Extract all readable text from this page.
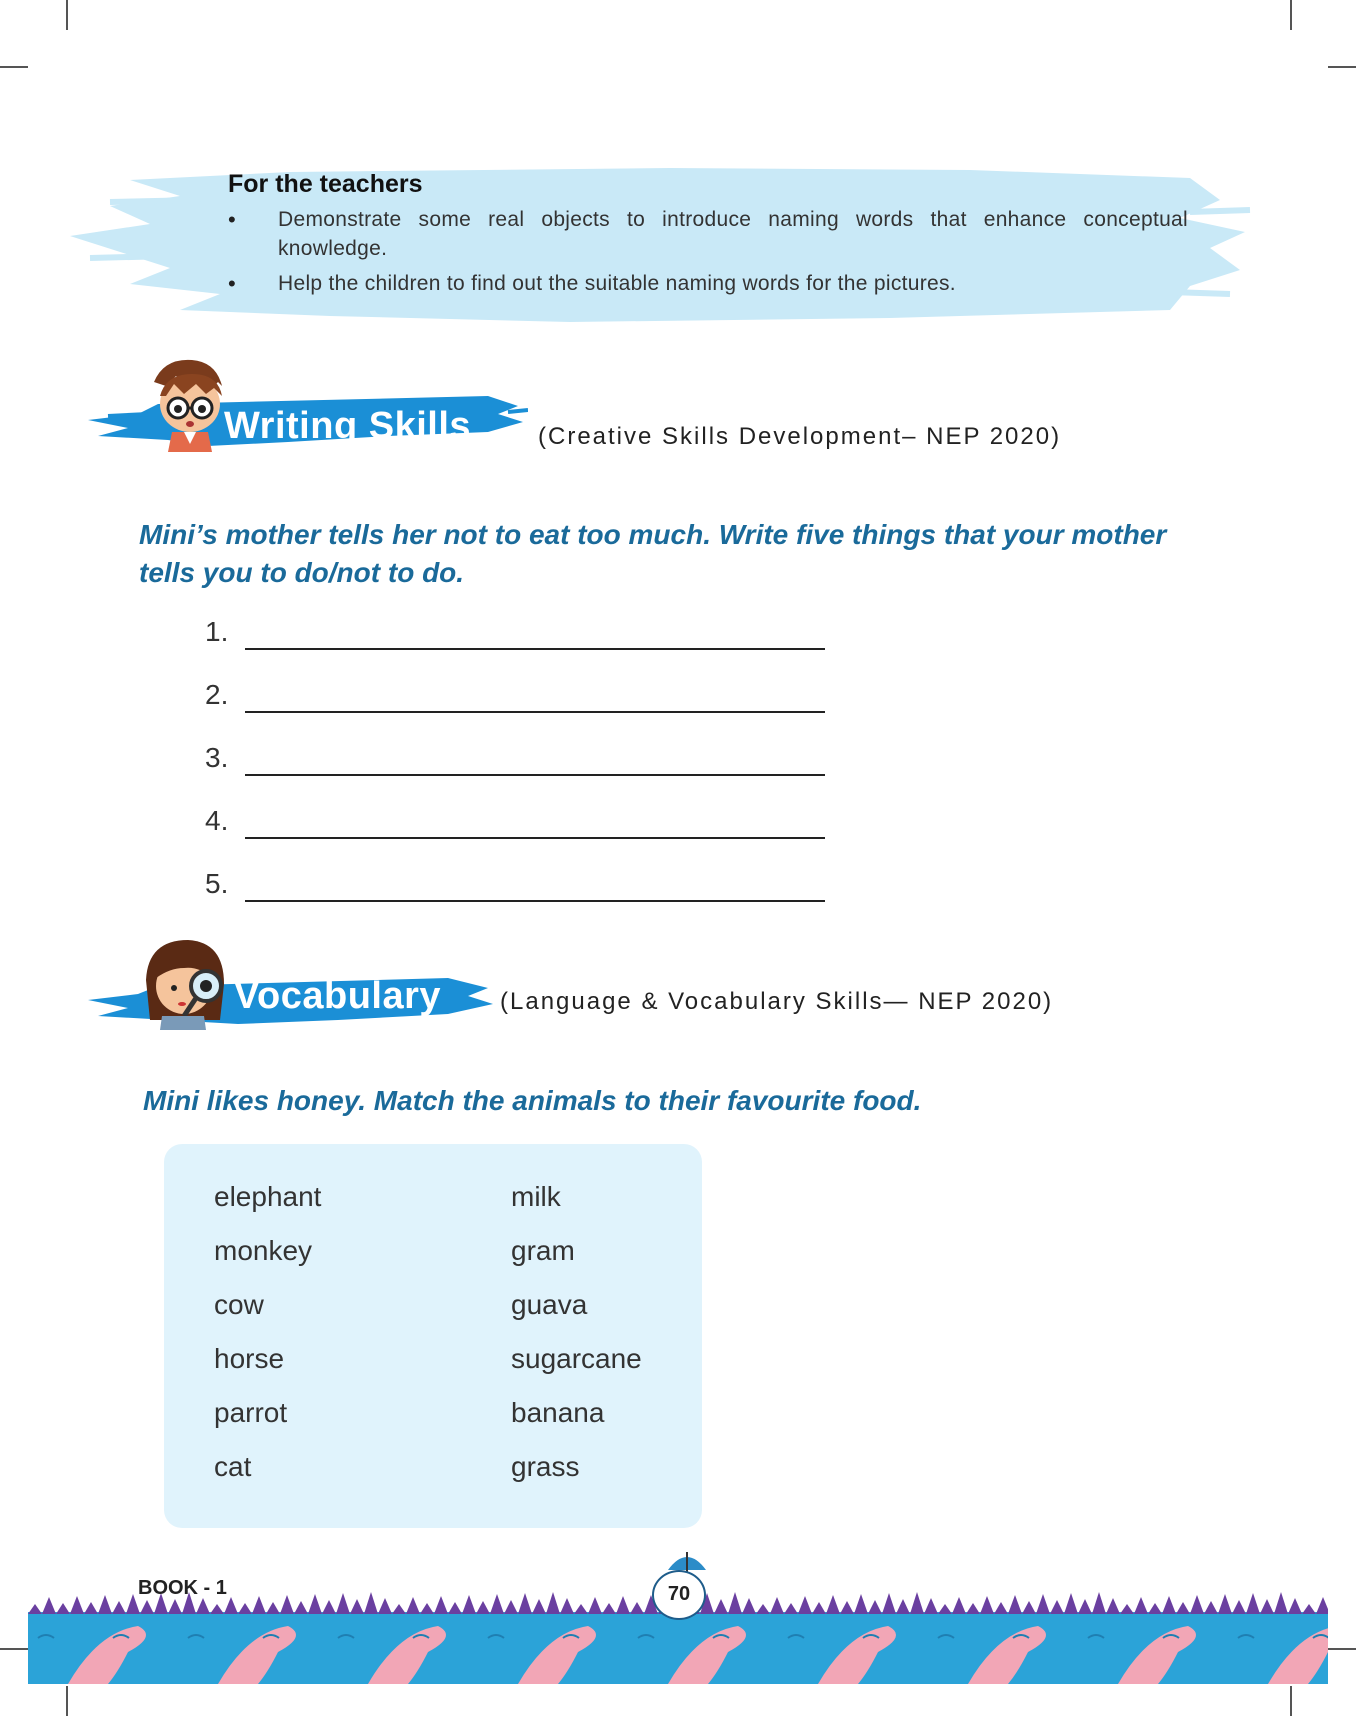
For the teachers
• Demonstrate some real objects to introduce naming words that enhance conceptual knowledge.
• Help the children to find out the suitable naming words for the pictures.
Writing Skills	(Creative Skills Development– NEP 2020)
Mini’s mother tells her not to eat too much. Write five things that your mother tells you to do/not to do.
1.
2.
3.
4.
5.
Vocabulary (Language & Vocabulary Skills— NEP 2020)
Mini likes honey. Match the animals to their favourite food.
elephant
monkey
cow
horse
parrot
cat
milk
gram
guava
sugarcane
banana
grass
BOOK - 1	70
